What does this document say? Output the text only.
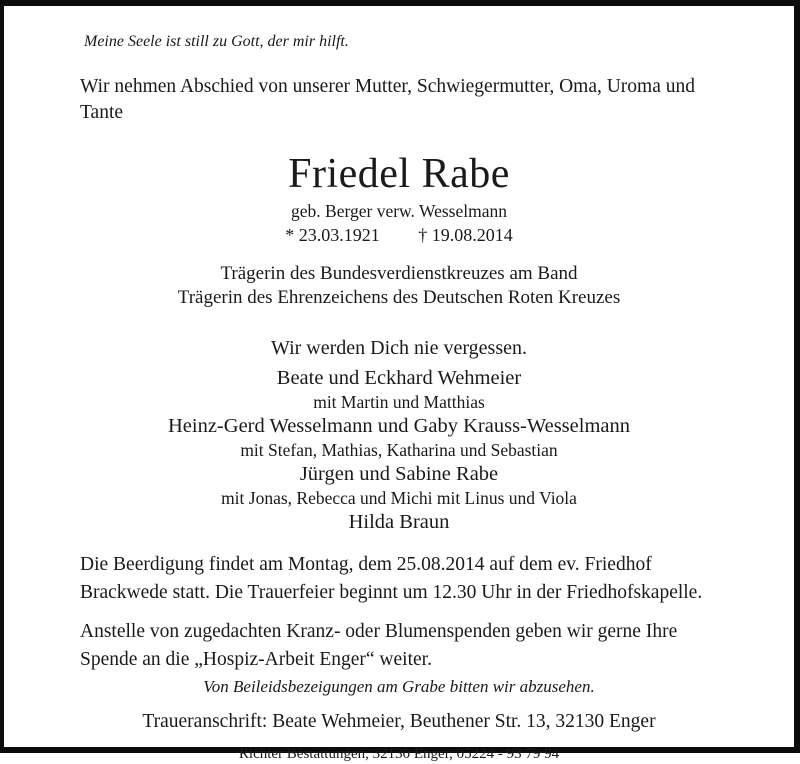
Meine Seele ist still zu Gott, der mir hilft.
Wir nehmen Abschied von unserer Mutter, Schwiegermutter, Oma, Uroma und Tante
Friedel Rabe
geb. Berger verw. Wesselmann
* 23.03.1921 † 19.08.2014
Trägerin des Bundesverdienstkreuzes am Band
Trägerin des Ehrenzeichens des Deutschen Roten Kreuzes
Wir werden Dich nie vergessen.
Beate und Eckhard Wehmeier
mit Martin und Matthias
Heinz-Gerd Wesselmann und Gaby Krauss-Wesselmann
mit Stefan, Mathias, Katharina und Sebastian
Jürgen und Sabine Rabe
mit Jonas, Rebecca und Michi mit Linus und Viola
Hilda Braun
Die Beerdigung findet am Montag, dem 25.08.2014 auf dem ev. Friedhof Brackwede statt. Die Trauerfeier beginnt um 12.30 Uhr in der Friedhofskapelle.
Anstelle von zugedachten Kranz- oder Blumenspenden geben wir gerne Ihre Spende an die „Hospiz-Arbeit Enger“ weiter.
Von Beileidsbezeigungen am Grabe bitten wir abzusehen.
Traueranschrift: Beate Wehmeier, Beuthener Str. 13, 32130 Enger
Richter Bestattungen, 32130 Enger, 05224 - 93 79 94
